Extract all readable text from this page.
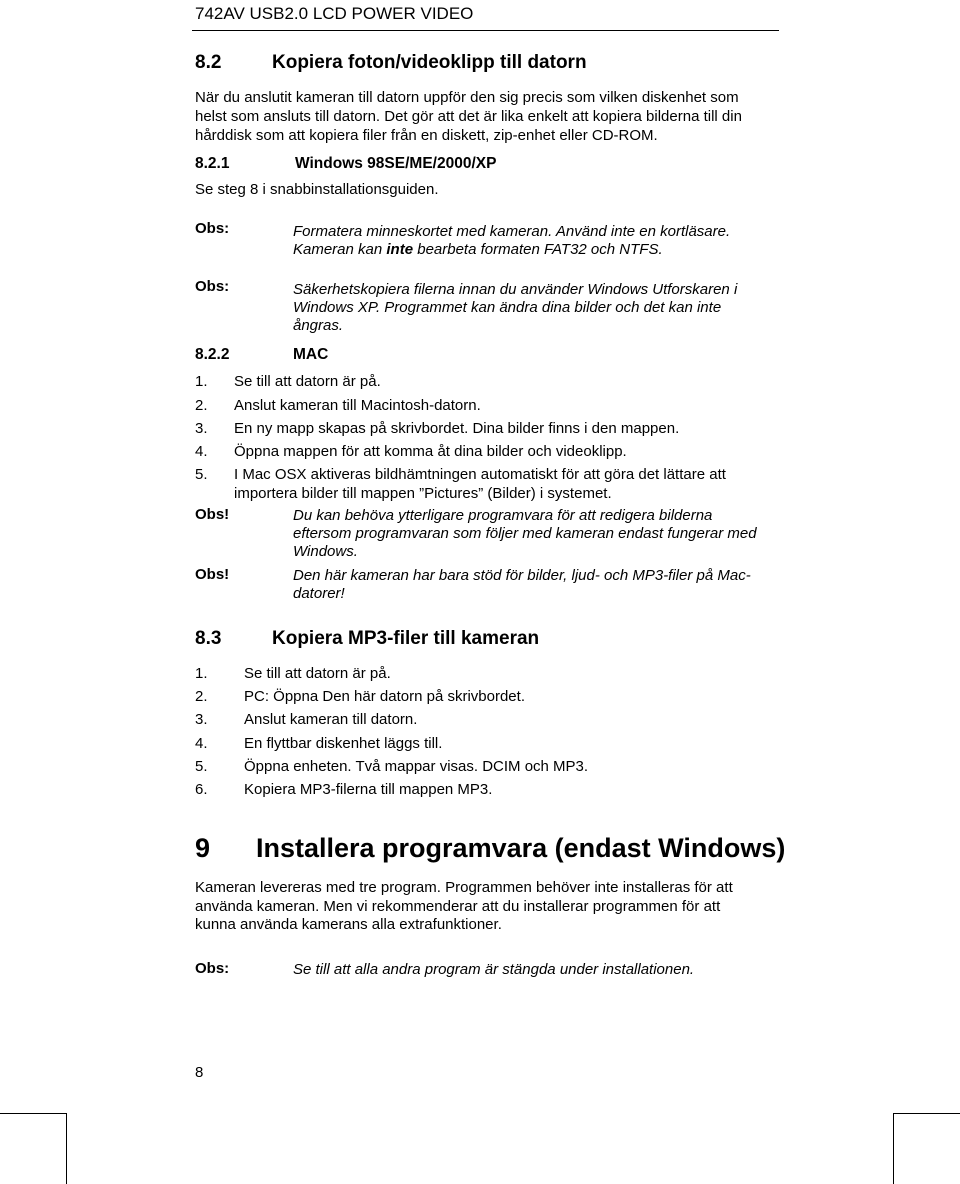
742AV USB2.0 LCD POWER VIDEO
8.2	Kopiera foton/videoklipp till datorn
När du anslutit kameran till datorn uppför den sig precis som vilken diskenhet som
helst som ansluts till datorn. Det gör att det är lika enkelt att kopiera bilderna till din
hårddisk som att kopiera filer från en diskett, zip-enhet eller CD-ROM.
8.2.1	Windows 98SE/ME/2000/XP
Se steg 8 i snabbinstallationsguiden.
Obs:	Formatera minneskortet med kameran. Använd inte en kortläsare.
Kameran kan inte bearbeta formaten FAT32 och NTFS.
Obs:	Säkerhetskopiera filerna innan du använder Windows Utforskaren i
Windows XP. Programmet kan ändra dina bilder och det kan inte
ångras.
8.2.2	MAC
1. Se till att datorn är på.
2. Anslut kameran till Macintosh-datorn.
3. En ny mapp skapas på skrivbordet. Dina bilder finns i den mappen.
4. Öppna mappen för att komma åt dina bilder och videoklipp.
5. I Mac OSX aktiveras bildhämtningen automatiskt för att göra det lättare att
importera bilder till mappen ”Pictures” (Bilder) i systemet.
Obs!	Du kan behöva ytterligare programvara för att redigera bilderna
eftersom programvaran som följer med kameran endast fungerar med
Windows.
Obs!	Den här kameran har bara stöd för bilder, ljud- och MP3-filer på Mac-
datorer!
8.3	Kopiera MP3-filer till kameran
1. Se till att datorn är på.
2. PC: Öppna Den här datorn på skrivbordet.
3. Anslut kameran till datorn.
4. En flyttbar diskenhet läggs till.
5. Öppna enheten. Två mappar visas. DCIM och MP3.
6. Kopiera MP3-filerna till mappen MP3.
9 Installera programvara (endast Windows)
Kameran levereras med tre program. Programmen behöver inte installeras för att
använda kameran. Men vi rekommenderar att du installerar programmen för att
kunna använda kamerans alla extrafunktioner.
Obs:	Se till att alla andra program är stängda under installationen.
8
